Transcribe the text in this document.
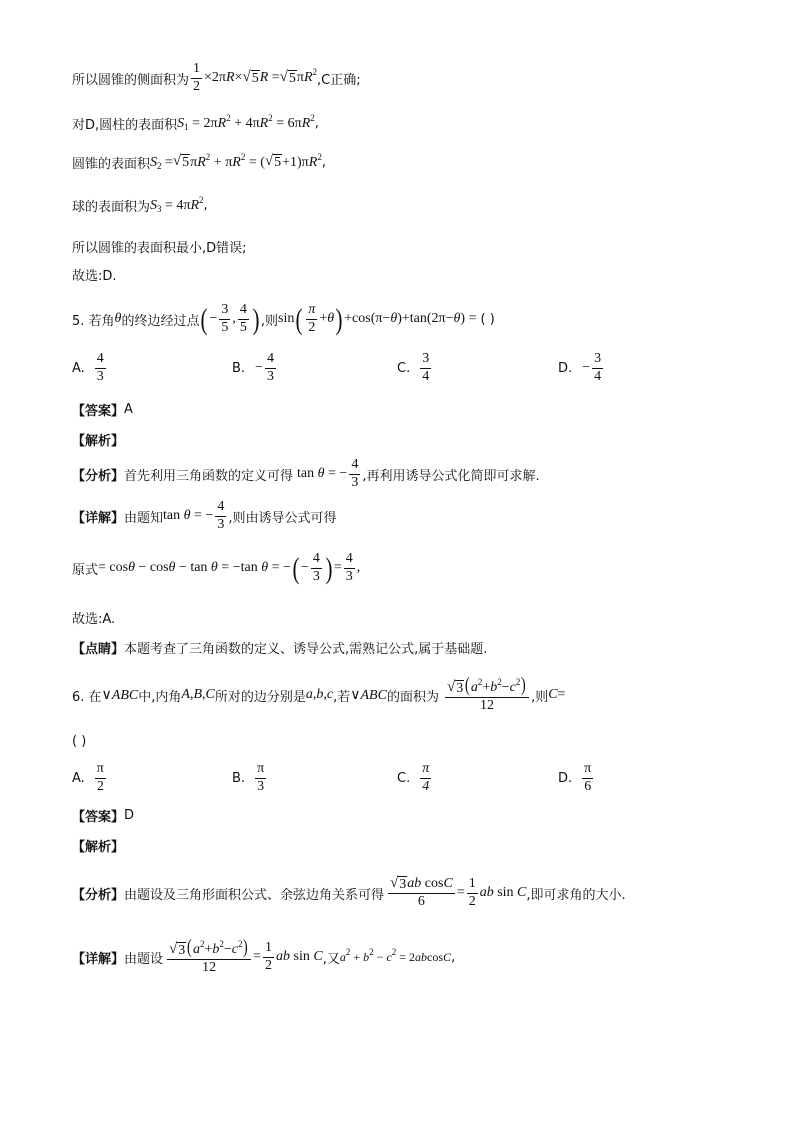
所以圆锥的侧面积为 $\frac{1}{2} \times 2\pi R\times$ √ 5 R = √ 5 $\pi R^2$
,C正确;
对D,圆柱的表面积 $S_1 = 2\pi R^2 + 4\pi R^2 = 6\pi R^2$ ,
圆锥的表面积 $S_2$ = √ 5 $\pi R^2 + \pi R^2$ = ( √ $5 +1)\pi R^2$ ,
球的表面积为 $S_3 = 4\pi R^2$ ,
所以圆锥的表面积最小,D错误;
故选:D.
5. 若角 θ 的终边经过点 ( − $\frac{3}{5}$ , $\frac{4}{5}$ ) ,则 sin ( $\frac{\pi}{2} +\theta$ ) +cos(π−θ)+tan(2π−θ) = ( )
A. $\frac{4}{3}$	B. − $\frac{4}{3}$	C. $\frac{3}{4}$	D. − $\frac{3}{4}$
【答案】 A
【解析】
【分析】 首先利用三角函数的定义可得 tan θ = − $\frac{4}{3}$ ,再利用诱导公式化简即可求解.
【详解】 由题知 tan θ = − $\frac{4}{3}$ ,则由诱导公式可得
原式 = cosθ − cosθ − tan θ = −tan θ = − ( − $\frac{4}{3}$ ) = $\frac{4}{3}$ ,
故选:A.
【点睛】 本题考查了三角函数的定义、诱导公式,需熟记公式,属于基础题.
6. 在 ∨ABC 中,内角 A , B , C 所对的边分别是 a , b , c ,若 ∨ABC 的面积为 $\frac{√ 3 (a^2+b^2-c^2)}{12}$ ,则 C =
( )
A. $\frac{\pi}{2}$	B. $\frac{\pi}{3}$	C. $\frac{\pi}{4}$	D. $\frac{\pi}{6}$
【答案】 D
【解析】
【分析】 由题设及三角形面积公式、余弦边角关系可得 $\frac{\text{√ 3 ab cosC}}{6} = \frac{1}{2}$ ab sin C ,即可求角的大小.
【详解】 由题设 $\frac{√ 3 (a^2+b^2-c^2)}{12} = \frac{1}{2}$ ab sin C ,又 $a^2 + b^2 - c^2 = 2abcosC$ ,
